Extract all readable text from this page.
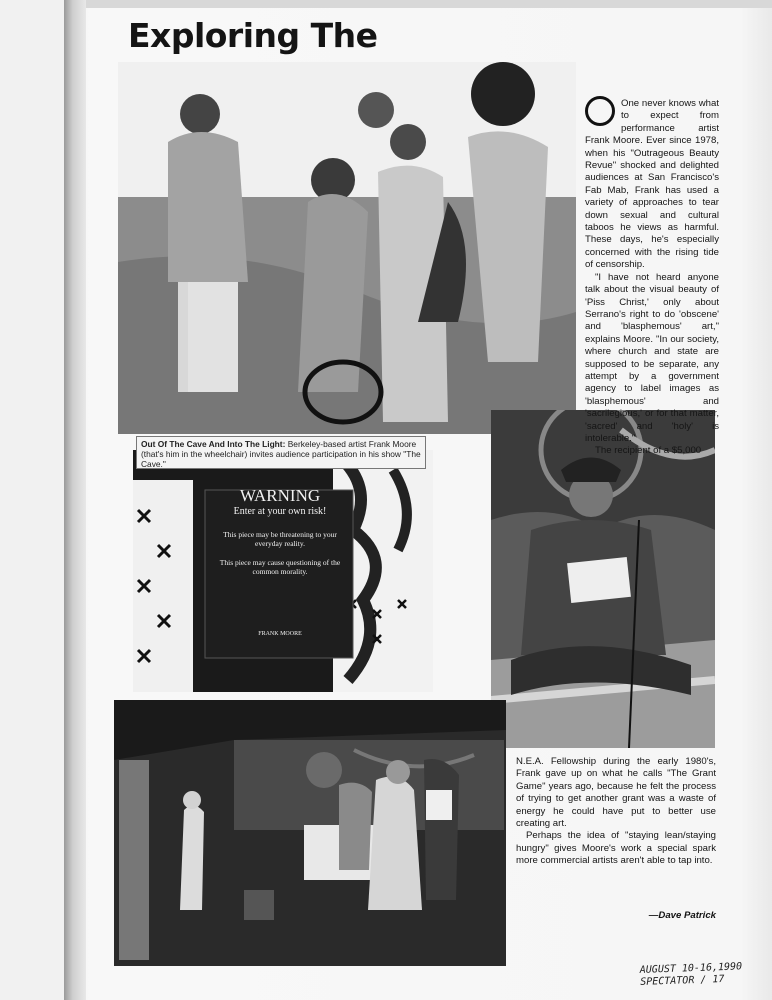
Exploring The
WARNING
Enter at your own risk!
This piece may be threatening to your everyday reality.
This piece may cause questioning of the common morality.
FRANK MOORE
Out Of The Cave And Into The Light: Berkeley-based artist Frank Moore (that's him in the wheelchair) invites audience participation in his show "The Cave."

One never knows what to expect from performance artist Frank Moore. Ever since 1978, when his "Outrageous Beauty Revue" shocked and delighted audiences at San Francisco's Fab Mab, Frank has used a variety of approaches to tear down sexual and cultural taboos he views as harmful. These days, he's especially concerned with the rising tide of censorship.

"I have not heard anyone talk about the visual beauty of 'Piss Christ,' only about Serrano's right to do 'obscene' and 'blasphemous' art," explains Moore. "In our society, where church and state are supposed to be separate, any attempt by a government agency to label images as 'blasphemous' and 'sacrilegious,' or for that matter, 'sacred' and 'holy' is intolerable."

The recipient of a $5,000

N.E.A. Fellowship during the early 1980's, Frank gave up on what he calls "The Grant Game" years ago, because he felt the process of trying to get another grant was a waste of energy he could have put to better use creating art.

Perhaps the idea of "staying lean/staying hungry" gives Moore's work a special spark more commercial artists aren't able to tap into.

—Dave Patrick
AUGUST 10-16,1990
SPECTATOR / 17
